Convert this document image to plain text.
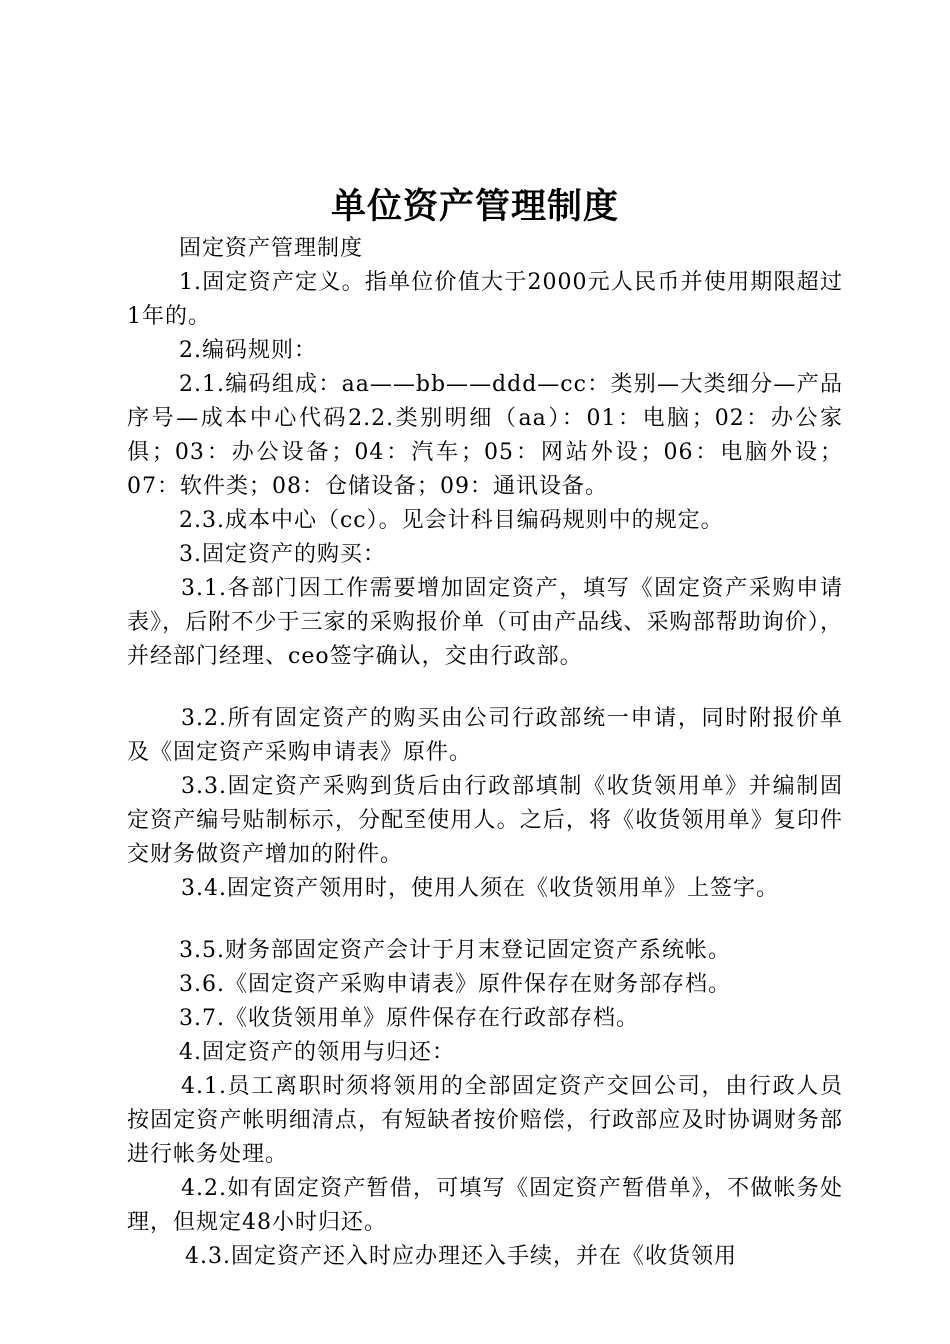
单位资产管理制度

固定资产管理制度

1.固定资产定义。指单位价值大于2000元人民币并使用期限超过1年的。

2.编码规则：

2.1.编码组成：aa——bb——ddd—cc：类别—大类细分—产品序号—成本中心代码2.2.类别明细（aa）：01：电脑；02：办公家俱；03：办公设备；04：汽车；05：网站外设；06：电脑外设；07：软件类；08：仓储设备；09：通讯设备。

2.3.成本中心（cc）。见会计科目编码规则中的规定。

3.固定资产的购买：

3.1.各部门因工作需要增加固定资产，填写《固定资产采购申请表》，后附不少于三家的采购报价单（可由产品线、采购部帮助询价），并经部门经理、ceo签字确认，交由行政部。

3.2.所有固定资产的购买由公司行政部统一申请，同时附报价单及《固定资产采购申请表》原件。

3.3.固定资产采购到货后由行政部填制《收货领用单》并编制固定资产编号贴制标示，分配至使用人。之后，将《收货领用单》复印件交财务做资产增加的附件。

3.4.固定资产领用时，使用人须在《收货领用单》上签字。

3.5.财务部固定资产会计于月末登记固定资产系统帐。

3.6.《固定资产采购申请表》原件保存在财务部存档。

3.7.《收货领用单》原件保存在行政部存档。

4.固定资产的领用与归还：

4.1.员工离职时须将领用的全部固定资产交回公司，由行政人员按固定资产帐明细清点，有短缺者按价赔偿，行政部应及时协调财务部进行帐务处理。

4.2.如有固定资产暂借，可填写《固定资产暂借单》，不做帐务处理，但规定48小时归还。

4.3.固定资产还入时应办理还入手续，并在《收货领用
